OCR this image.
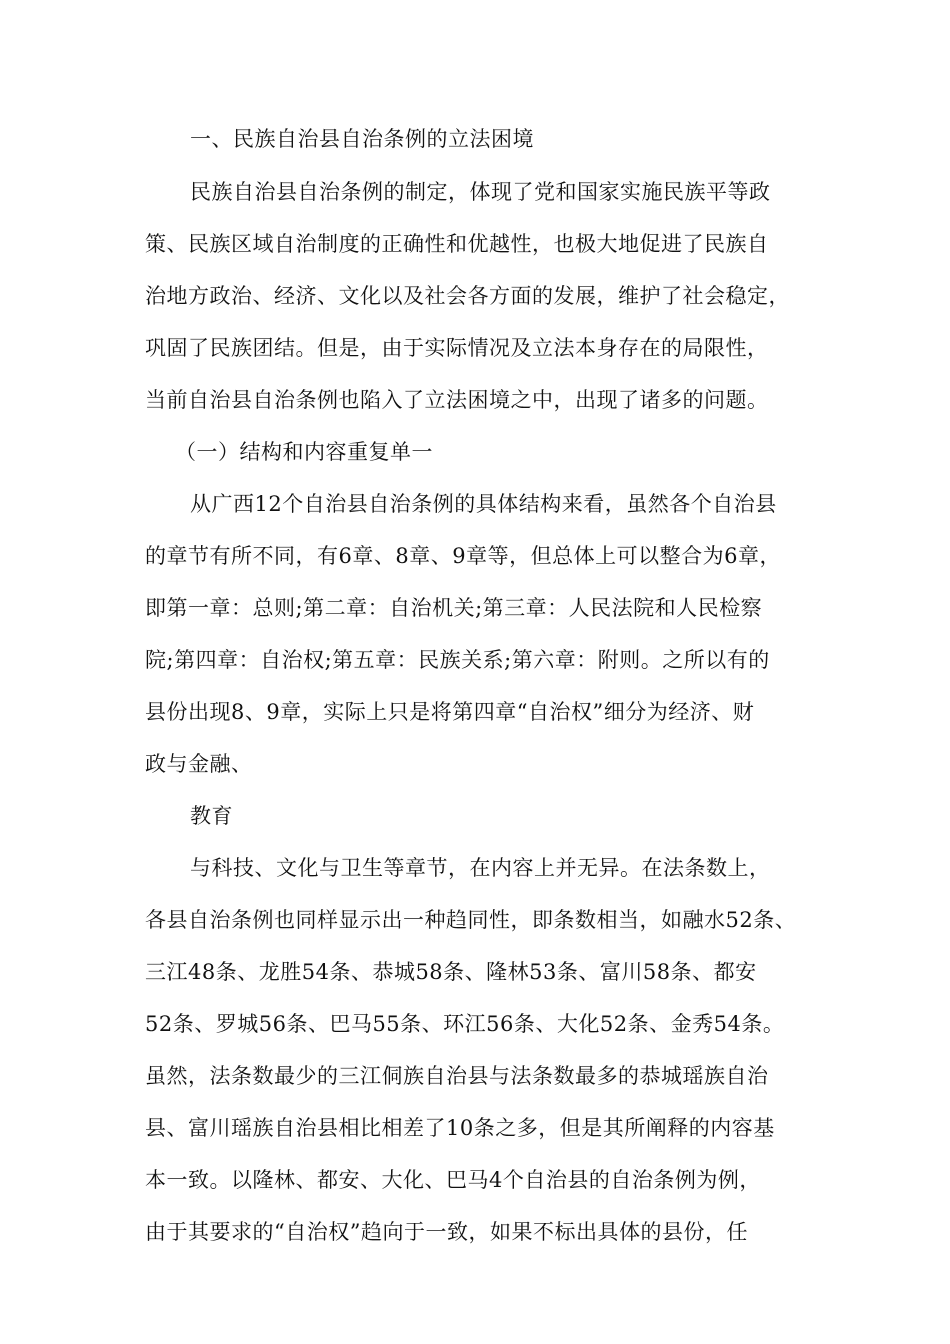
一、民族自治县自治条例的立法困境
民族自治县自治条例的制定，体现了党和国家实施民族平等政
策、民族区域自治制度的正确性和优越性，也极大地促进了民族自
治地方政治、经济、文化以及社会各方面的发展，维护了社会稳定，
巩固了民族团结。但是，由于实际情况及立法本身存在的局限性，
当前自治县自治条例也陷入了立法困境之中，出现了诸多的问题。
（一）结构和内容重复单一
从广西12个自治县自治条例的具体结构来看，虽然各个自治县
的章节有所不同，有6章、8章、9章等，但总体上可以整合为6章，
即第一章：总则;第二章：自治机关;第三章：人民法院和人民检察
院;第四章：自治权;第五章：民族关系;第六章：附则。之所以有的
县份出现8、9章，实际上只是将第四章“自治权”细分为经济、财
政与金融、
教育
与科技、文化与卫生等章节，在内容上并无异。在法条数上，
各县自治条例也同样显示出一种趋同性，即条数相当，如融水52条、
三江48条、龙胜54条、恭城58条、隆林53条、富川58条、都安
52条、罗城56条、巴马55条、环江56条、大化52条、金秀54条。
虽然，法条数最少的三江侗族自治县与法条数最多的恭城瑶族自治
县、富川瑶族自治县相比相差了10条之多，但是其所阐释的内容基
本一致。以隆林、都安、大化、巴马4个自治县的自治条例为例，
由于其要求的“自治权”趋向于一致，如果不标出具体的县份，任
